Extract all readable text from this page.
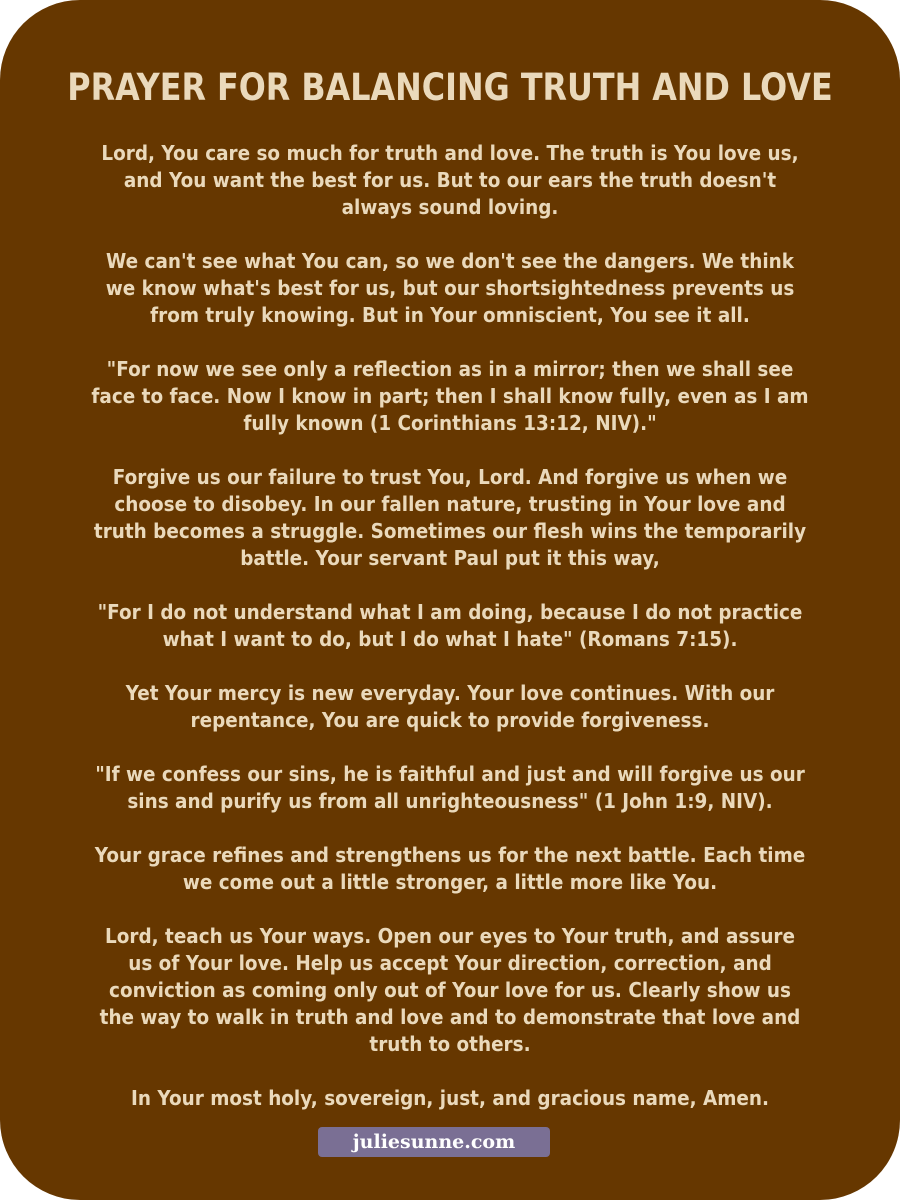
PRAYER FOR BALANCING TRUTH AND LOVE

Lord, You care so much for truth and love. The truth is You love us, and You want the best for us. But to our ears the truth doesn't always sound loving.

We can't see what You can, so we don't see the dangers. We think we know what's best for us, but our shortsightedness prevents us from truly knowing. But in Your omniscient, You see it all.

"For now we see only a reflection as in a mirror; then we shall see face to face. Now I know in part; then I shall know fully, even as I am fully known (1 Corinthians 13:12, NIV)."

Forgive us our failure to trust You, Lord. And forgive us when we choose to disobey. In our fallen nature, trusting in Your love and truth becomes a struggle. Sometimes our flesh wins the temporarily battle. Your servant Paul put it this way,

"For I do not understand what I am doing, because I do not practice what I want to do, but I do what I hate" (Romans 7:15).

Yet Your mercy is new everyday. Your love continues. With our repentance, You are quick to provide forgiveness.

"If we confess our sins, he is faithful and just and will forgive us our sins and purify us from all unrighteousness" (1 John 1:9, NIV).

Your grace refines and strengthens us for the next battle. Each time we come out a little stronger, a little more like You.

Lord, teach us Your ways. Open our eyes to Your truth, and assure us of Your love. Help us accept Your direction, correction, and conviction as coming only out of Your love for us. Clearly show us the way to walk in truth and love and to demonstrate that love and truth to others.

In Your most holy, sovereign, just, and gracious name, Amen.

juliesunne.com
